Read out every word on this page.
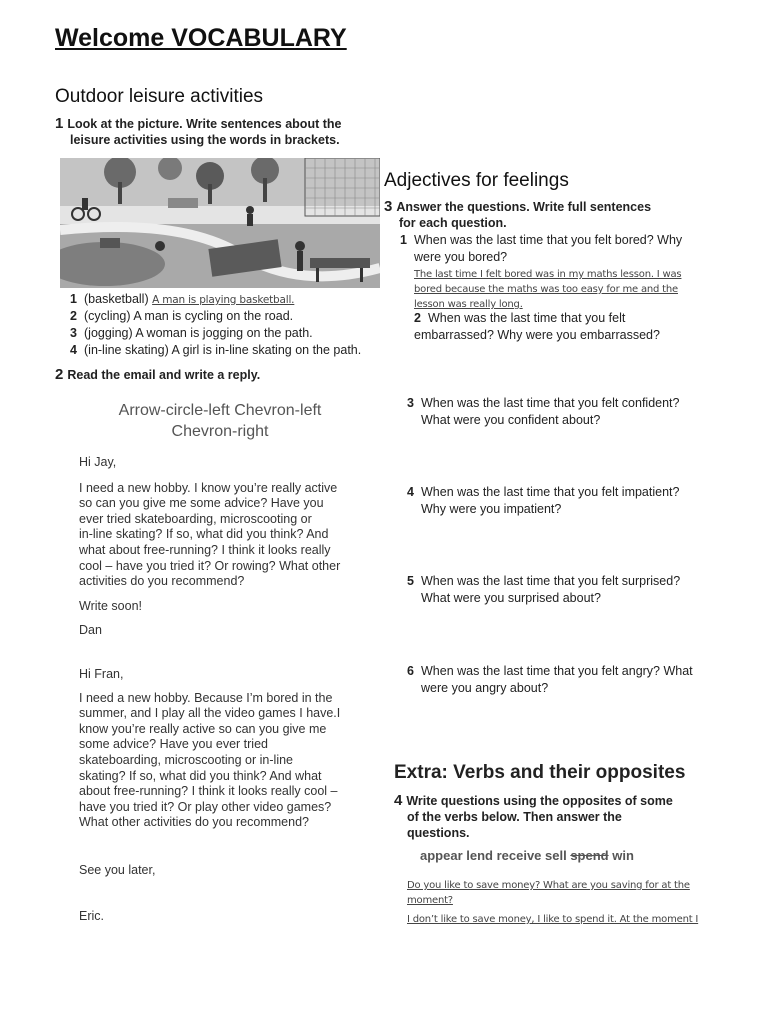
Welcome VOCABULARY
Outdoor leisure activities
1 Look at the picture. Write sentences about the
leisure activities using the words in brackets.
1 (basketball) A man is playing basketball.
2 (cycling) A man is cycling on the road.
3 (jogging) A woman is jogging on the path.
4 (in-line skating) A girl is in-line skating on the path.
2 Read the email and write a reply.
Arrow-circle-left Chevron-left
Chevron-right
Hi Jay,
I need a new hobby. I know you’re really active
so can you give me some advice? Have you
ever tried skateboarding, microscooting or
in-line skating? If so, what did you think? And
what about free-running? I think it looks really
cool – have you tried it? Or rowing? What other
activities do you recommend?
Write soon!
Dan
Hi Fran,
I need a new hobby. Because I’m bored in the
summer, and I play all the video games I have.I
know you’re really active so can you give me
some advice? Have you ever tried
skateboarding, microscooting or in-line
skating? If so, what did you think? And what
about free-running? I think it looks really cool –
have you tried it? Or play other video games?
What other activities do you recommend?
See you later,
Eric.
Adjectives for feelings
3 Answer the questions. Write full sentences
for each question.
1 When was the last time that you felt bored? Why
were you bored?
The last time I felt bored was in my maths lesson. I was
bored because the maths was too easy for me and the
lesson was really long.
2 When was the last time that you felt
embarrassed? Why were you embarrassed?
3 When was the last time that you felt confident?
What were you confident about?
4 When was the last time that you felt impatient?
Why were you impatient?
5 When was the last time that you felt surprised?
What were you surprised about?
6 When was the last time that you felt angry? What
were you angry about?
Extra: Verbs and their opposites
4 Write questions using the opposites of some
of the verbs below. Then answer the
questions.
appear lend receive sell spend win
Do you like to save money? What are you saving for at the
moment?
I don’t like to save money, I like to spend it. At the moment I
